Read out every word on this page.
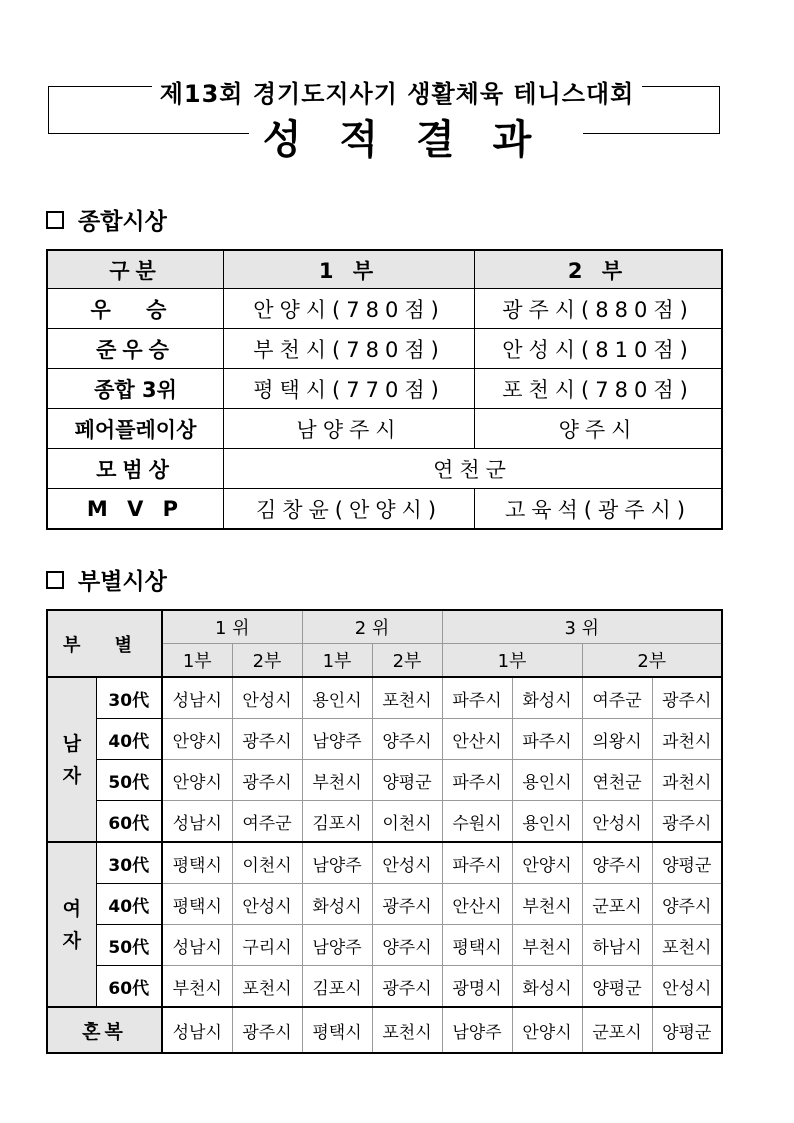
제13회 경기도지사기 생활체육 테니스대회
성적결과
종합시상
구분	1 부	2 부
우 승	안양시(780점)	광주시(880점)
준우승	부천시(780점)	안성시(810점)
종합 3위	평택시(770점)	포천시(780점)
페어플레이상	남양주시	양주시
모범상	연천군	
M V P	김창윤(안양시)	고육석(광주시)
부별시상
부 별		1 위		2 위		3 위			
		1부	2부	1부	2부	1부		2부	

남
자	30代	성남시	안성시	용인시	포천시	파주시	화성시	여주군	광주시
	40代	안양시	광주시	남양주	양주시	안산시	파주시	의왕시	과천시
	50代	안양시	광주시	부천시	양평군	파주시	용인시	연천군	과천시
	60代	성남시	여주군	김포시	이천시	수원시	용인시	안성시	광주시

여
자	30代	평택시	이천시	남양주	안성시	파주시	안양시	양주시	양평군
	40代	평택시	안성시	화성시	광주시	안산시	부천시	군포시	양주시
	50代	성남시	구리시	남양주	양주시	평택시	부천시	하남시	포천시
	60代	부천시	포천시	김포시	광주시	광명시	화성시	양평군	안성시
혼복		성남시	광주시	평택시	포천시	남양주	안양시	군포시	양평군
